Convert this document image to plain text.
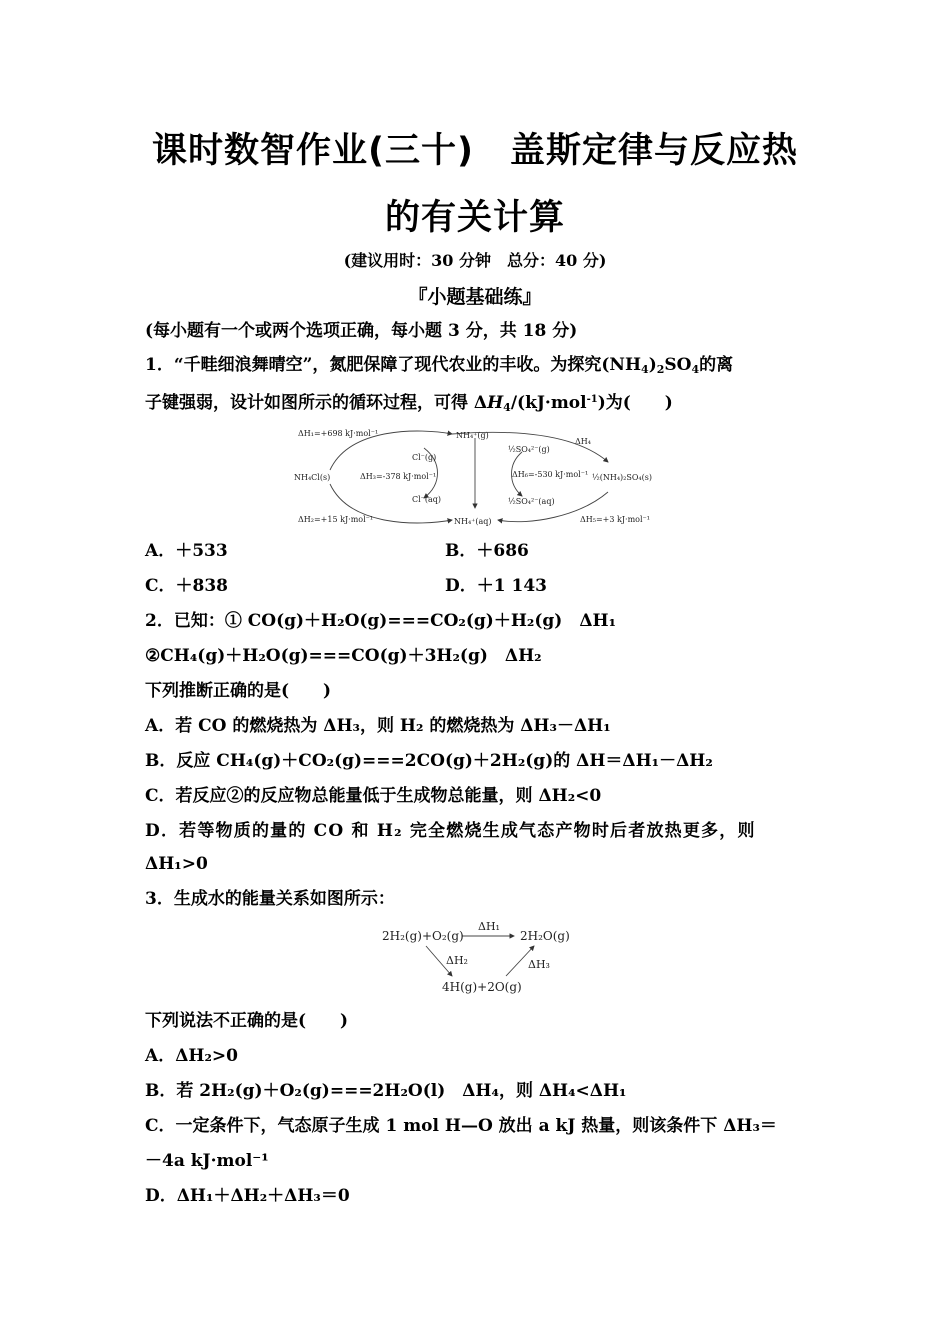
课时数智作业(三十)　盖斯定律与反应热
的有关计算
(建议用时：30 分钟　总分：40 分)
『小题基础练』
(每小题有一个或两个选项正确，每小题 3 分，共 18 分)
1．“千畦细浪舞晴空”，氮肥保障了现代农业的丰收。为探究$(NH_4)_2SO_4$的离
子键强弱，设计如图所示的循环过程，可得 $\Delta H_4/(kJ\cdot mol^{-1})$为(　　)
ΔH₁=+698 kJ·mol⁻¹
ΔH₂=+15 kJ·mol⁻¹
ΔH₃=-378 kJ·mol⁻¹
ΔH₄
ΔH₅=+3 kJ·mol⁻¹
ΔH₆=-530 kJ·mol⁻¹
NH₄⁺(g)
NH₄⁺(aq)
NH₄Cl(s)
Cl⁻(g)
Cl⁻(aq)
½SO₄²⁻(g)
½SO₄²⁻(aq)
½(NH₄)₂SO₄(s)
A．＋533	B．＋686
C．＋838	D．＋1 143
2．已知：① CO(g)＋H₂O(g)===CO₂(g)＋H₂(g)　ΔH₁
②CH₄(g)＋H₂O(g)===CO(g)＋3H₂(g)　ΔH₂
下列推断正确的是(　　)
A．若 CO 的燃烧热为 ΔH₃，则 H₂ 的燃烧热为 ΔH₃－ΔH₁
B．反应 CH₄(g)＋CO₂(g)===2CO(g)＋2H₂(g)的 ΔH＝ΔH₁－ΔH₂
C．若反应②的反应物总能量低于生成物总能量，则 ΔH₂<0
D．若等物质的量的 CO 和 H₂ 完全燃烧生成气态产物时后者放热更多，则
ΔH₁>0
3．生成水的能量关系如图所示：
2H₂(g)+O₂(g)	2H₂O(g)
4H(g)+2O(g)
ΔH₁
ΔH₂	ΔH₃
下列说法不正确的是(　　)
A．ΔH₂>0
B．若 2H₂(g)＋O₂(g)===2H₂O(l)　ΔH₄，则 ΔH₄<ΔH₁
C．一定条件下，气态原子生成 1 mol H—O 放出 a kJ 热量，则该条件下 ΔH₃＝
－4a kJ·mol⁻¹
D．ΔH₁＋ΔH₂＋ΔH₃＝0
